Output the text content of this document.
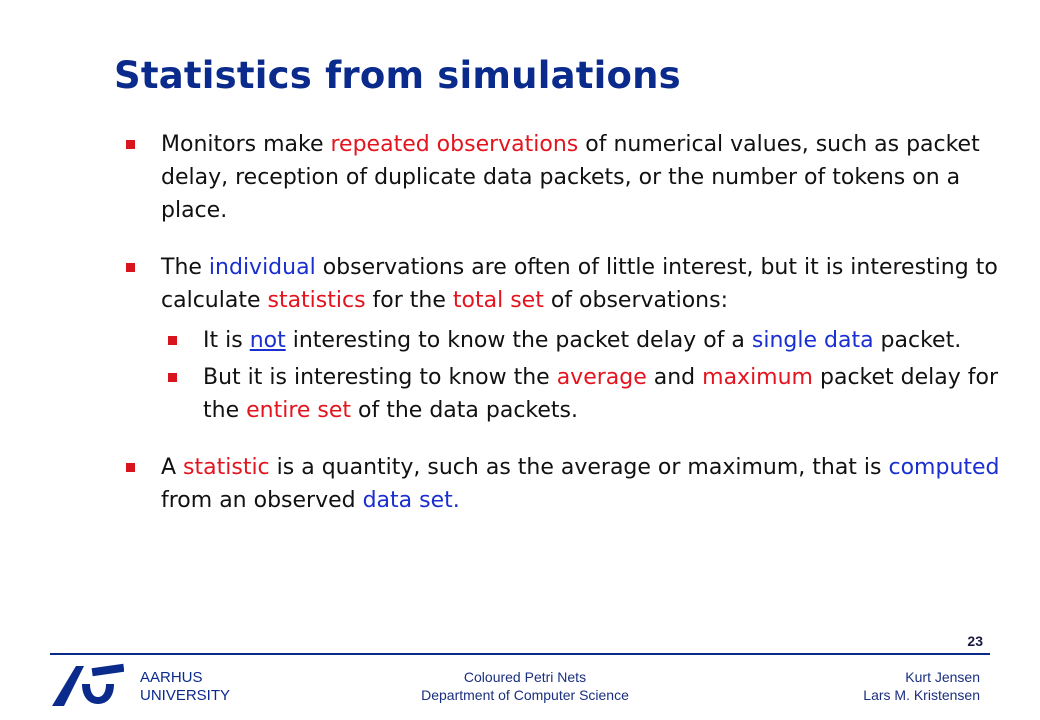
Statistics from simulations
Monitors make repeated observations of numerical values, such as packet delay, reception of duplicate data packets, or the number of tokens on a place.
The individual observations are often of little interest, but it is interesting to calculate statistics for the total set of observations:
It is not interesting to know the packet delay of a single data packet.
But it is interesting to know the average and maximum packet delay for the entire set of the data packets.
A statistic is a quantity, such as the average or maximum, that is computed from an observed data set.
23
AARHUS
UNIVERSITY
Coloured Petri Nets
Department of Computer Science
Kurt Jensen
Lars M. Kristensen
